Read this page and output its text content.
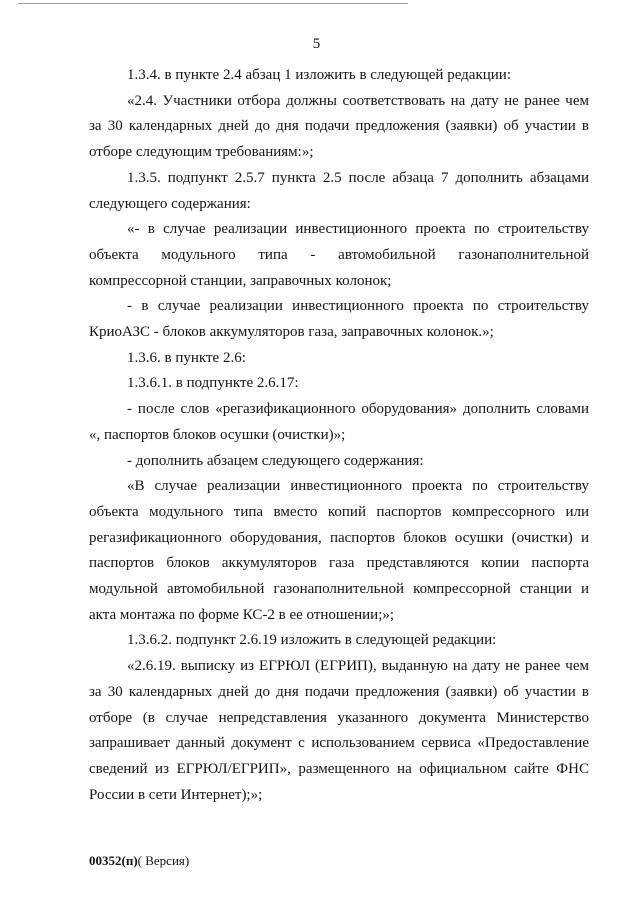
5

1.3.4. в пункте 2.4 абзац 1 изложить в следующей редакции:

«2.4. Участники отбора должны соответствовать на дату не ранее чем за 30 календарных дней до дня подачи предложения (заявки) об участии в отборе следующим требованиям:»;

1.3.5. подпункт 2.5.7 пункта 2.5 после абзаца 7 дополнить абзацами следующего содержания:

«- в случае реализации инвестиционного проекта по строительству объекта модульного типа - автомобильной газонаполнительной компрессорной станции, заправочных колонок;

- в случае реализации инвестиционного проекта по строительству КриоАЗС - блоков аккумуляторов газа, заправочных колонок.»;

1.3.6. в пункте 2.6:

1.3.6.1. в подпункте 2.6.17:

- после слов «регазификационного оборудования» дополнить словами «, паспортов блоков осушки (очистки)»;

- дополнить абзацем следующего содержания:

«В случае реализации инвестиционного проекта по строительству объекта модульного типа вместо копий паспортов компрессорного или регазификационного оборудования, паспортов блоков осушки (очистки) и паспортов блоков аккумуляторов газа представляются копии паспорта модульной автомобильной газонаполнительной компрессорной станции и акта монтажа по форме КС-2 в ее отношении;»;

1.3.6.2. подпункт 2.6.19 изложить в следующей редакции:

«2.6.19. выписку из ЕГРЮЛ (ЕГРИП), выданную на дату не ранее чем за 30 календарных дней до дня подачи предложения (заявки) об участии в отборе (в случае непредставления указанного документа Министерство запрашивает данный документ с использованием сервиса «Предоставление сведений из ЕГРЮЛ/ЕГРИП», размещенного на официальном сайте ФНС России в сети Интернет);»;

00352(п)( Версия)
